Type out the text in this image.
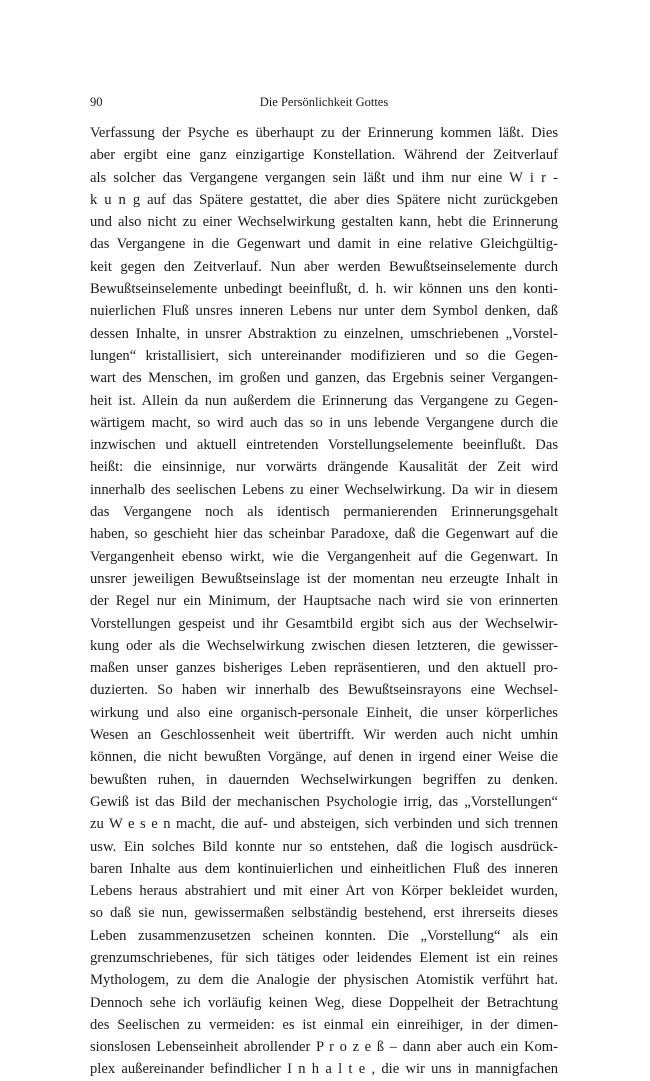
90	Die Persönlichkeit Gottes
Verfassung der Psyche es überhaupt zu der Erinnerung kommen läßt. Dies
aber ergibt eine ganz einzigartige Konstellation. Während der Zeitverlauf
als solcher das Vergangene vergangen sein läßt und ihm nur eine W i r -
k u n g auf das Spätere gestattet, die aber dies Spätere nicht zurückgeben
und also nicht zu einer Wechselwirkung gestalten kann, hebt die Erinnerung
das Vergangene in die Gegenwart und damit in eine relative Gleichgültig-
keit gegen den Zeitverlauf. Nun aber werden Bewußtseinselemente durch
Bewußtseinselemente unbedingt beeinflußt, d. h. wir können uns den konti-
nuierlichen Fluß unsres inneren Lebens nur unter dem Symbol denken, daß
dessen Inhalte, in unsrer Abstraktion zu einzelnen, umschriebenen „Vorstel-
lungen“ kristallisiert, sich untereinander modifizieren und so die Gegen-
wart des Menschen, im großen und ganzen, das Ergebnis seiner Vergangen-
heit ist. Allein da nun außerdem die Erinnerung das Vergangene zu Gegen-
wärtigem macht, so wird auch das so in uns lebende Vergangene durch die
inzwischen und aktuell eintretenden Vorstellungselemente beeinflußt. Das
heißt: die einsinnige, nur vorwärts drängende Kausalität der Zeit wird
innerhalb des seelischen Lebens zu einer Wechselwirkung. Da wir in diesem
das Vergangene noch als identisch permanierenden Erinnerungsgehalt
haben, so geschieht hier das scheinbar Paradoxe, daß die Gegenwart auf die
Vergangenheit ebenso wirkt, wie die Vergangenheit auf die Gegenwart. In
unsrer jeweiligen Bewußtseinslage ist der momentan neu erzeugte Inhalt in
der Regel nur ein Minimum, der Hauptsache nach wird sie von erinnerten
Vorstellungen gespeist und ihr Gesamtbild ergibt sich aus der Wechselwir-
kung oder als die Wechselwirkung zwischen diesen letzteren, die gewisser-
maßen unser ganzes bisheriges Leben repräsentieren, und den aktuell pro-
duzierten. So haben wir innerhalb des Bewußtseinsrayons eine Wechsel-
wirkung und also eine organisch-personale Einheit, die unser körperliches
Wesen an Geschlossenheit weit übertrifft. Wir werden auch nicht umhin
können, die nicht bewußten Vorgänge, auf denen in irgend einer Weise die
bewußten ruhen, in dauernden Wechselwirkungen begriffen zu denken.
Gewiß ist das Bild der mechanischen Psychologie irrig, das „Vorstellungen“
zu W e s e n macht, die auf- und absteigen, sich verbinden und sich trennen
usw. Ein solches Bild konnte nur so entstehen, daß die logisch ausdrück-
baren Inhalte aus dem kontinuierlichen und einheitlichen Fluß des inneren
Lebens heraus abstrahiert und mit einer Art von Körper bekleidet wurden,
so daß sie nun, gewissermaßen selbständig bestehend, erst ihrerseits dieses
Leben zusammenzusetzen scheinen konnten. Die „Vorstellung“ als ein
grenzumschriebenes, für sich tätiges oder leidendes Element ist ein reines
Mythologem, zu dem die Analogie der physischen Atomistik verführt hat.
Dennoch sehe ich vorläufig keinen Weg, diese Doppelheit der Betrachtung
des Seelischen zu vermeiden: es ist einmal ein einreihiger, in der dimen-
sionslosen Lebenseinheit abrollender P r o z e ß – dann aber auch ein Kom-
plex außereinander befindlicher I n h a l t e , die wir uns in mannigfachen
